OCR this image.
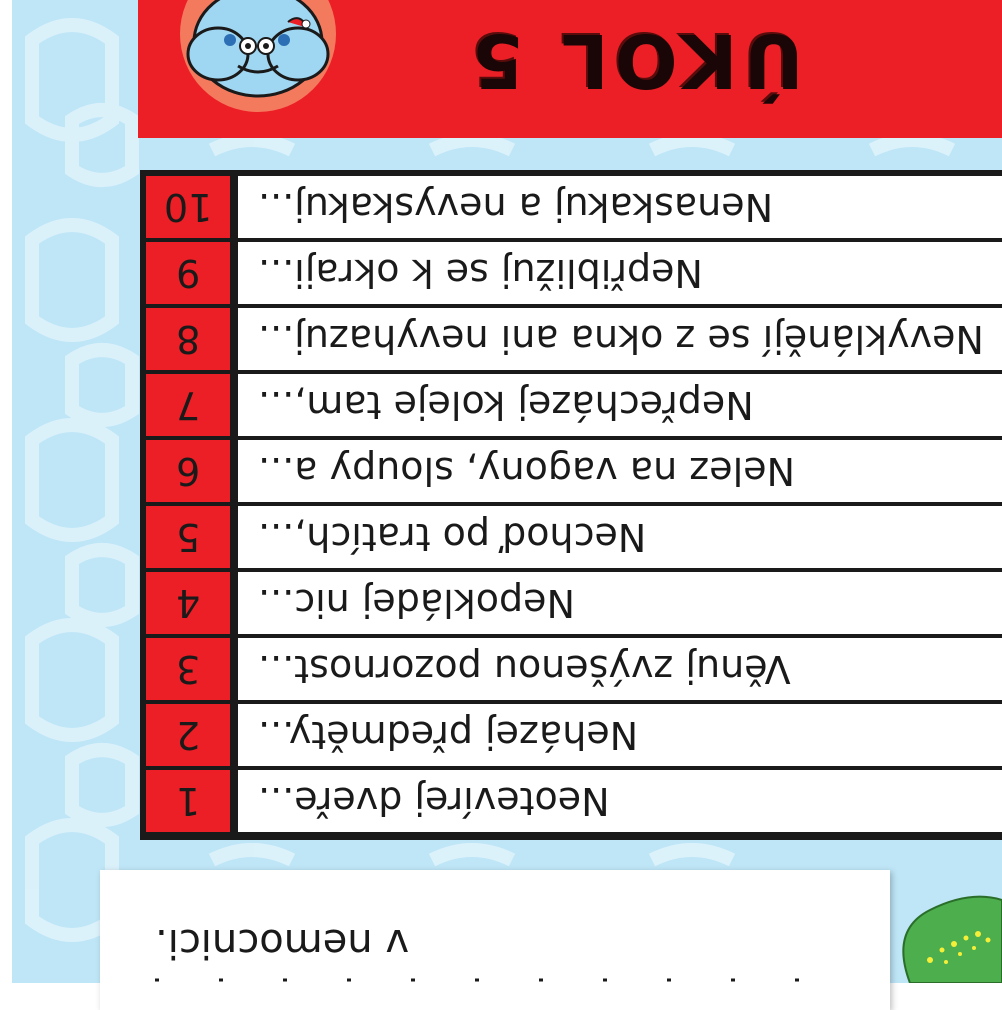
ÚKOL 5
10 Nenaskakuj a nevyskakuj...
9 Nepřibližuj se k okraji...
8 Nevyklánějí se z okna ani nevyhazuj...
7 Nepřecházej koleje tam,...
6 Nelez na vagony, sloupy a...
5 Nechoď po tratích,...
4 Nepokládej nic...
3 Věnuj zvýšenou pozornost...
2 Neházej předměty...
1 Neotevírej dveře...
v nemocnici.
